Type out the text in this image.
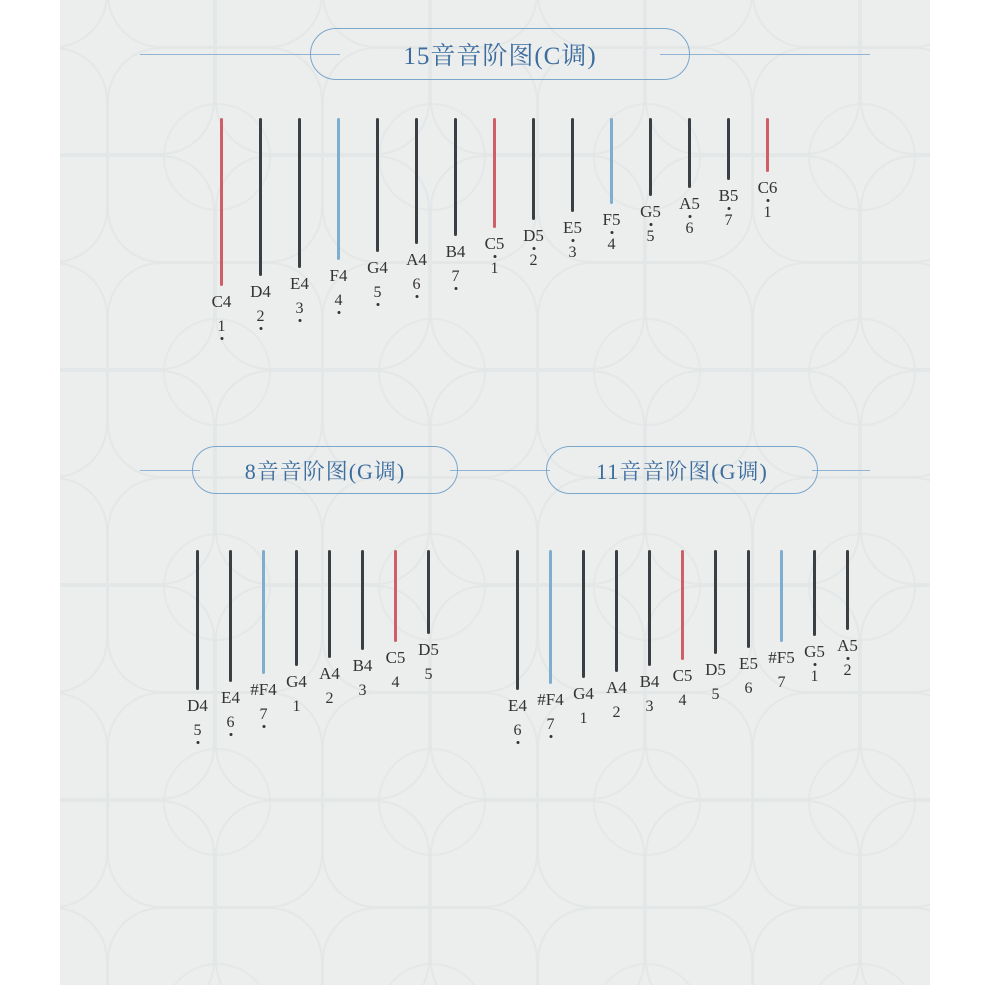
15音音阶图(C调)
C4
1
D4
2
E4
3
F4
4
G4
5
A4
6
B4
7
C5
1
D5
2
E5
3
F5
4
G5
5
A5
6
B5
7
C6
1
8音音阶图(G调)
D4
5
E4
6
#F4
7
G4
1
A4
2
B4
3
C5
4
D5
5
11音音阶图(G调)
E4
6
#F4
7
G4
1
A4
2
B4
3
C5
4
D5
5
E5
6
#F5
7
G5
1
A5
2
